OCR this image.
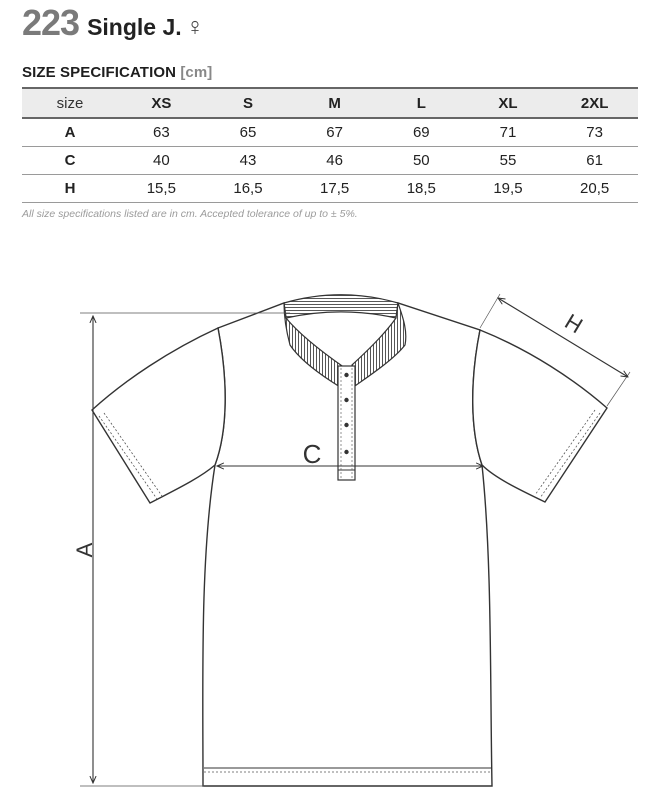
223 Single J. ♀
SIZE SPECIFICATION [cm]
size	XS	S	M	L	XL	2XL
A	63	65	67	69	71	73
C	40	43	46	50	55	61
H	15,5	16,5	17,5	18,5	19,5	20,5
All size specifications listed are in cm. Accepted tolerance of up to ± 5%.
A
C
H
